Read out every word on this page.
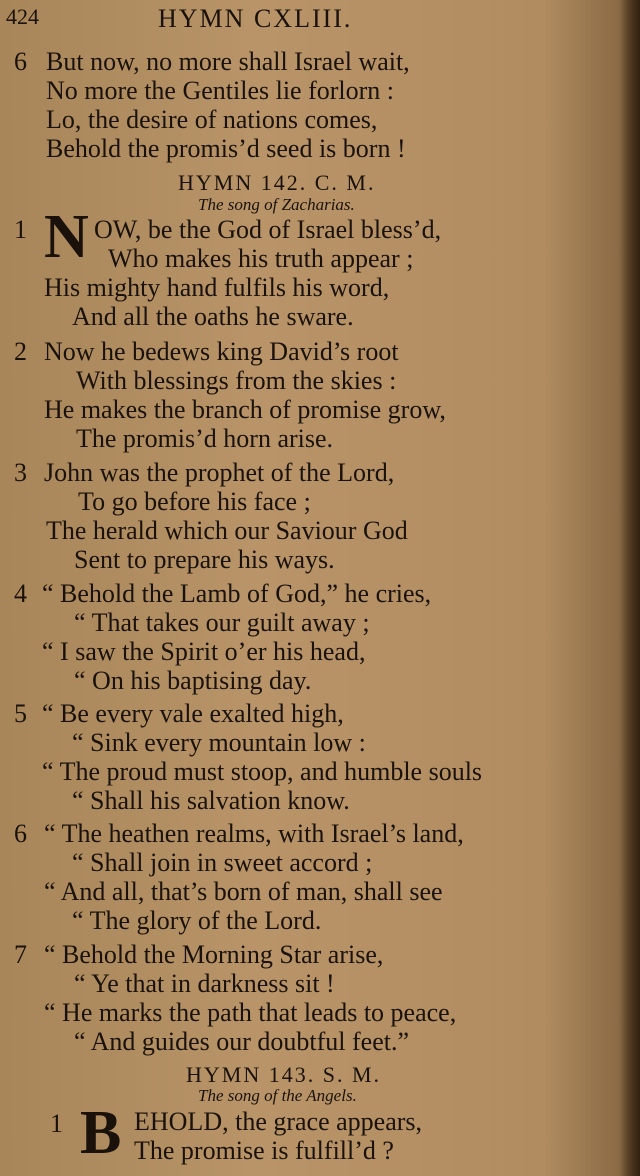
424	HYMN CXLIII.
6 But now, no more shall Israel wait,
No more the Gentiles lie forlorn :
Lo, the desire of nations comes,
Behold the promis’d seed is born !
HYMN 142. C. M.
The song of Zacharias.
1 N OW, be the God of Israel bless’d,
Who makes his truth appear ;
His mighty hand fulfils his word,
And all the oaths he sware.
2 Now he bedews king David’s root
With blessings from the skies :
He makes the branch of promise grow,
The promis’d horn arise.
3 John was the prophet of the Lord,
To go before his face ;
The herald which our Saviour God
Sent to prepare his ways.
4 “ Behold the Lamb of God,” he cries,
“ That takes our guilt away ;
“ I saw the Spirit o’er his head,
“ On his baptising day.
5 “ Be every vale exalted high,
“ Sink every mountain low :
“ The proud must stoop, and humble souls
“ Shall his salvation know.
6 “ The heathen realms, with Israel’s land,
“ Shall join in sweet accord ;
“ And all, that’s born of man, shall see
“ The glory of the Lord.
7 “ Behold the Morning Star arise,
“ Ye that in darkness sit !
“ He marks the path that leads to peace,
“ And guides our doubtful feet.”
HYMN 143. S. M.
The song of the Angels.
1 B EHOLD, the grace appears,
The promise is fulfill’d ?
